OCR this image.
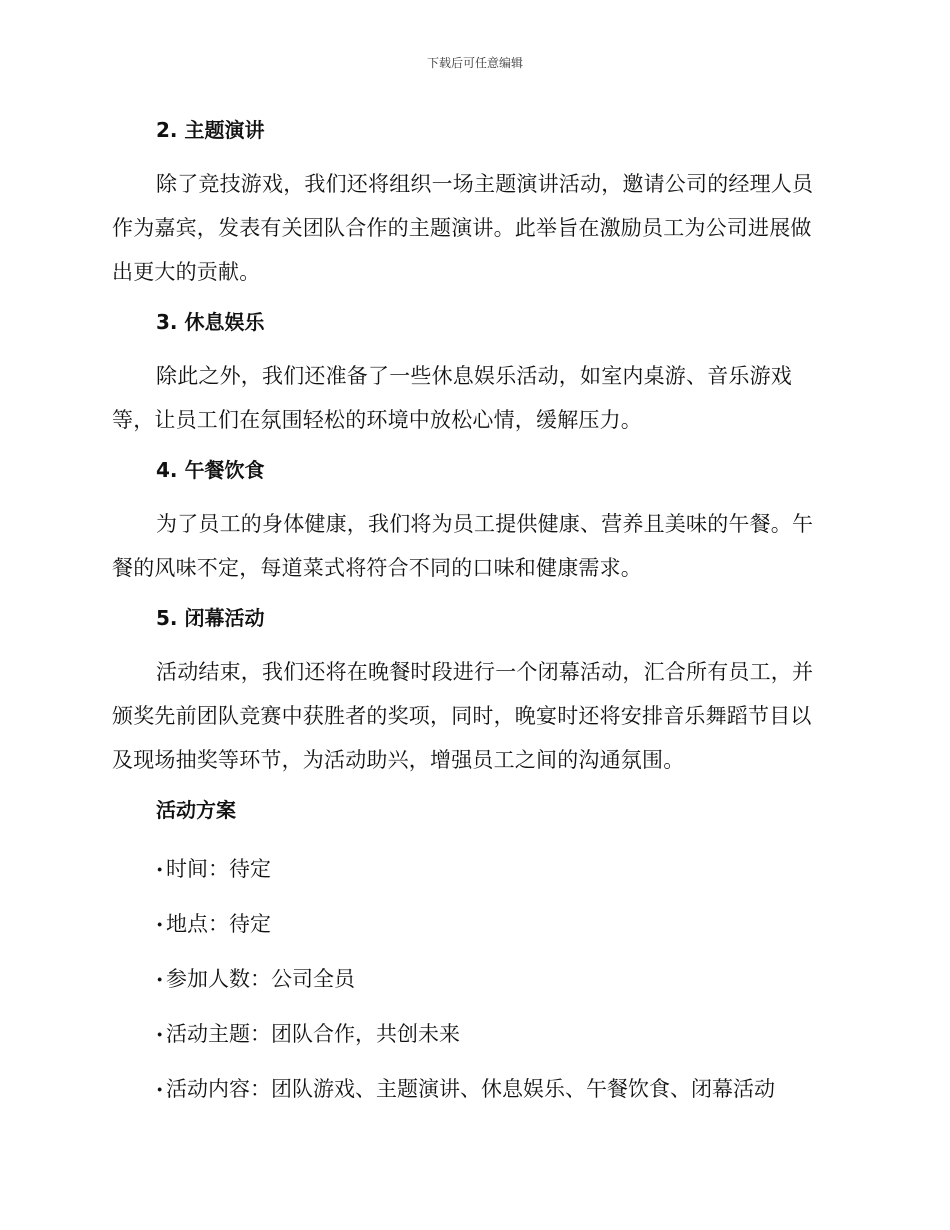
下载后可任意编辑
2. 主题演讲

除了竞技游戏，我们还将组织一场主题演讲活动，邀请公司的经理人员作为嘉宾，发表有关团队合作的主题演讲。此举旨在激励员工为公司进展做出更大的贡献。

3. 休息娱乐

除此之外，我们还准备了一些休息娱乐活动，如室内桌游、音乐游戏等，让员工们在氛围轻松的环境中放松心情，缓解压力。

4. 午餐饮食

为了员工的身体健康，我们将为员工提供健康、营养且美味的午餐。午餐的风味不定，每道菜式将符合不同的口味和健康需求。

5. 闭幕活动

活动结束，我们还将在晚餐时段进行一个闭幕活动，汇合所有员工，并颁奖先前团队竞赛中获胜者的奖项，同时，晚宴时还将安排音乐舞蹈节目以及现场抽奖等环节，为活动助兴，增强员工之间的沟通氛围。

活动方案
· 时间：待定
· 地点：待定
· 参加人数：公司全员
· 活动主题：团队合作，共创未来
· 活动内容：团队游戏、主题演讲、休息娱乐、午餐饮食、闭幕活动
